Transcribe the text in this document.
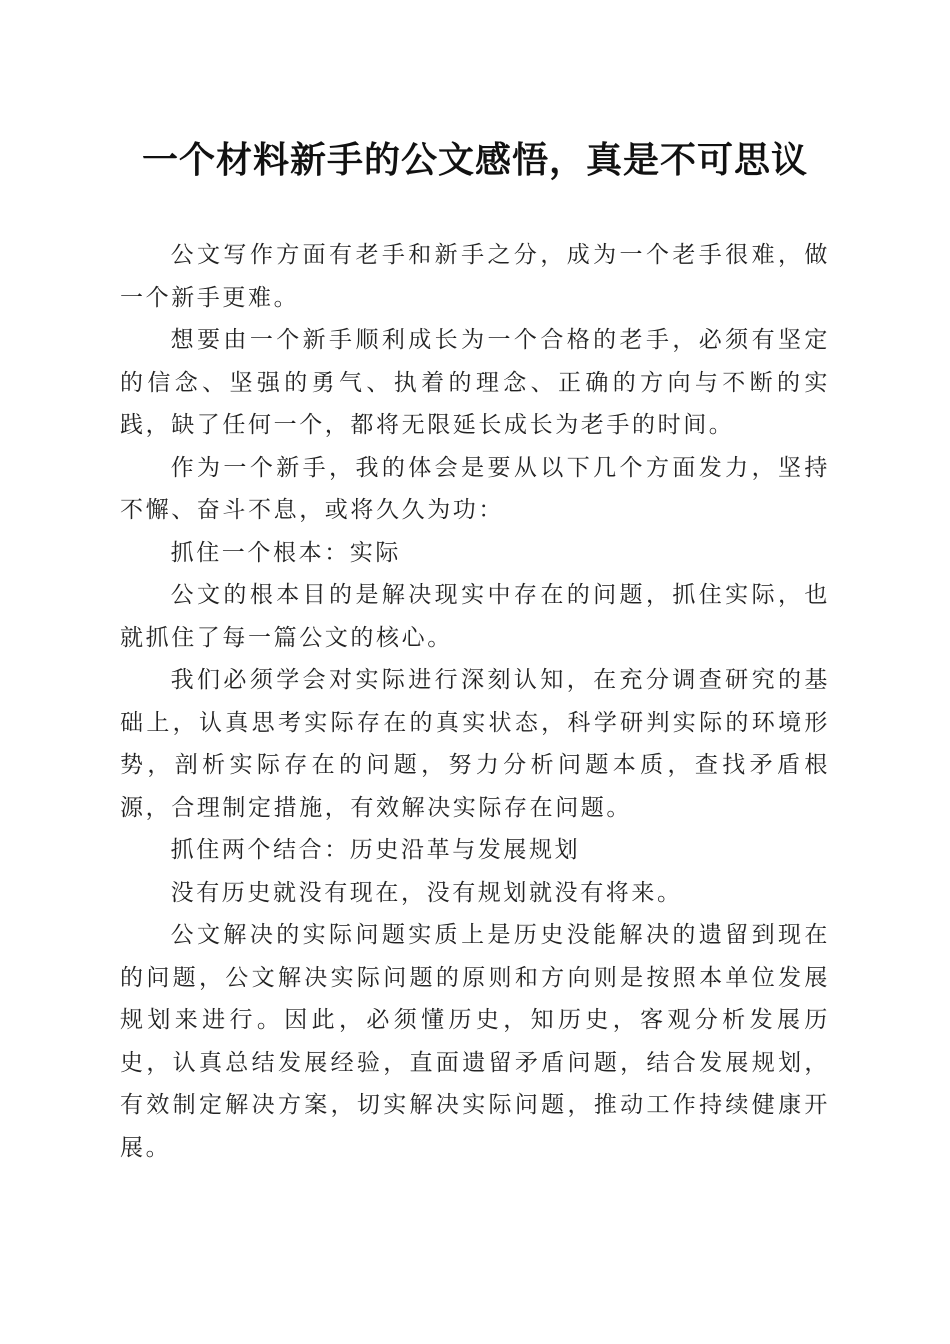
一个材料新手的公文感悟，真是不可思议

公文写作方面有老手和新手之分，成为一个老手很难，做一个新手更难。

想要由一个新手顺利成长为一个合格的老手，必须有坚定的信念、坚强的勇气、执着的理念、正确的方向与不断的实践，缺了任何一个，都将无限延长成长为老手的时间。

作为一个新手，我的体会是要从以下几个方面发力，坚持不懈、奋斗不息，或将久久为功：

抓住一个根本：实际

公文的根本目的是解决现实中存在的问题，抓住实际，也就抓住了每一篇公文的核心。

我们必须学会对实际进行深刻认知，在充分调查研究的基础上，认真思考实际存在的真实状态，科学研判实际的环境形势，剖析实际存在的问题，努力分析问题本质，查找矛盾根源，合理制定措施，有效解决实际存在问题。

抓住两个结合：历史沿革与发展规划

没有历史就没有现在，没有规划就没有将来。

公文解决的实际问题实质上是历史没能解决的遗留到现在的问题，公文解决实际问题的原则和方向则是按照本单位发展规划来进行。因此，必须懂历史，知历史，客观分析发展历史，认真总结发展经验，直面遗留矛盾问题，结合发展规划，有效制定解决方案，切实解决实际问题，推动工作持续健康开展。
